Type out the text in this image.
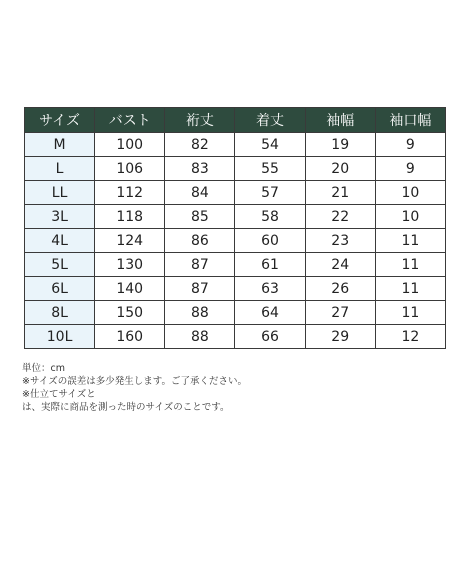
サイズ	バスト	裄丈	着丈	袖幅	袖口幅
M	100	82	54	19	9
L	106	83	55	20	9
LL	112	84	57	21	10
3L	118	85	58	22	10
4L	124	86	60	23	11
5L	130	87	61	24	11
6L	140	87	63	26	11
8L	150	88	64	27	11
10L	160	88	66	29	12
単位：cm
※サイズの誤差は多少発生します。ご了承ください。
※仕立てサイズと
は、実際に商品を測った時のサイズのことです。
